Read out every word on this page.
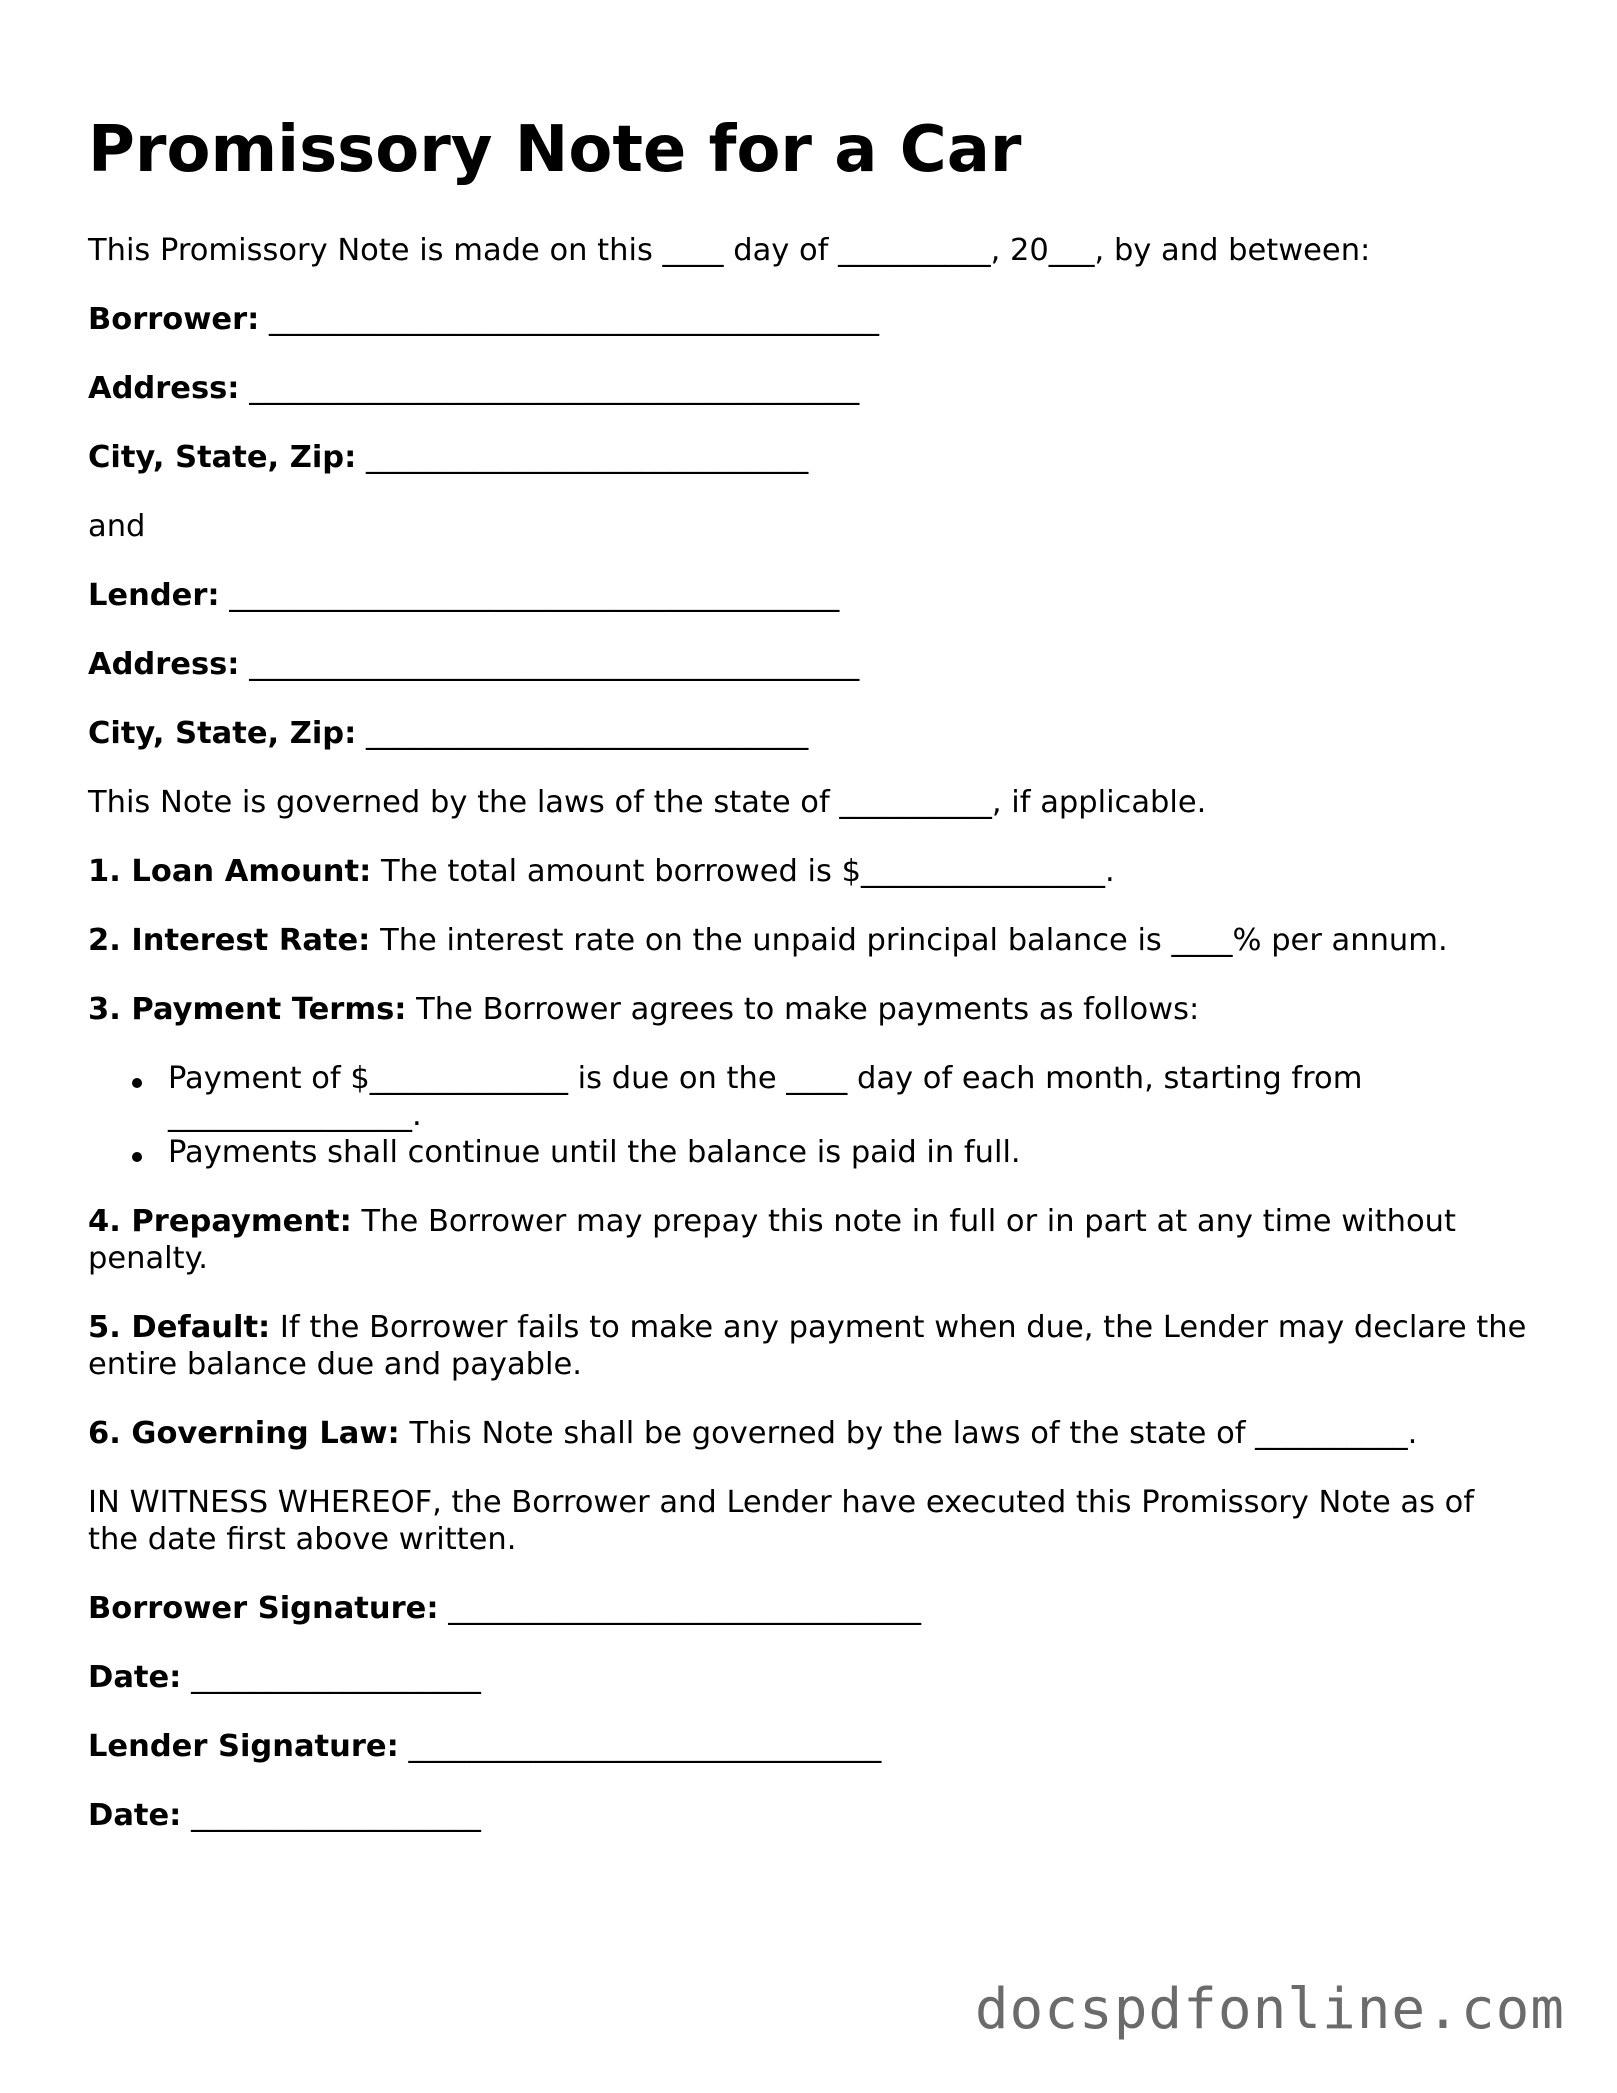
Promissory Note for a Car

This Promissory Note is made on this ____ day of __________, 20___, by and between:

Borrower: ________________________________________

Address: ________________________________________

City, State, Zip: _____________________________

and

Lender: ________________________________________

Address: ________________________________________

City, State, Zip: _____________________________

This Note is governed by the laws of the state of __________, if applicable.

1. Loan Amount: The total amount borrowed is $________________.

2. Interest Rate: The interest rate on the unpaid principal balance is ____% per annum.

3. Payment Terms: The Borrower agrees to make payments as follows:

Payment of $_____________ is due on the ____ day of each month, starting from

________________.

Payments shall continue until the balance is paid in full.

4. Prepayment: The Borrower may prepay this note in full or in part at any time without penalty.

5. Default: If the Borrower fails to make any payment when due, the Lender may declare the entire balance due and payable.

6. Governing Law: This Note shall be governed by the laws of the state of __________.

IN WITNESS WHEREOF, the Borrower and Lender have executed this Promissory Note as of the date first above written.

Borrower Signature: _______________________________

Date: ___________________

Lender Signature: _______________________________

Date: ___________________

docspdfonline.com
